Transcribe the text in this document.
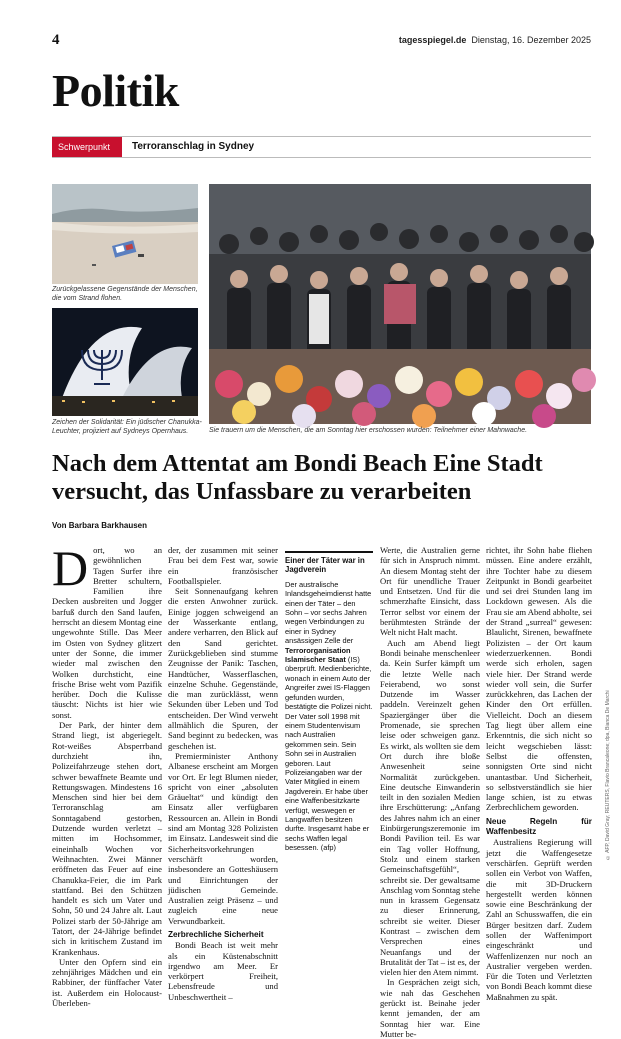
4	tagesspiegel.de Dienstag, 16. Dezember 2025
Politik
Schwerpunkt	Terroranschlag in Sydney
Zurückgelassene Gegenstände der Menschen, die vom Strand flohen.
Zeichen der Solidarität: Ein jüdischer Chanukka-Leuchter, projiziert auf Sydneys Opernhaus.	Sie trauern um die Menschen, die am Sonntag hier erschossen wurden: Teilnehmer einer Mahnwache.
© AFP, David Gray; REUTERS, Flavio Brancaleone; dpa, Bianca De Marchi
Nach dem Attentat am Bondi Beach Eine Stadt versucht, das Unfassbare zu verarbeiten
Von Barbara Barkhausen

Dort, wo an gewöhnlichen Tagen Surfer ihre Bretter schultern, Familien ihre Decken ausbreiten und Jogger barfuß durch den Sand laufen, herrscht an diesem Montag eine ungewohnte Stille. Das Meer im Osten von Sydney glitzert unter der Sonne, die immer wieder mal zwischen den Wolken durchsticht, eine frische Brise weht vom Pazifik herüber. Doch die Kulisse täuscht: Nichts ist hier wie sonst.

Der Park, der hinter dem Strand liegt, ist abgeriegelt. Rot-weißes Absperrband durchzieht ihn, Polizeifahrzeuge stehen dort, schwer bewaffnete Beamte und Rettungswagen. Mindestens 16 Menschen sind hier bei dem Terroranschlag am Sonntagabend gestorben, Dutzende wurden verletzt – mitten im Hochsommer, eineinhalb Wochen vor Weihnachten. Zwei Männer eröffneten das Feuer auf eine Chanukka-Feier, die im Park stattfand. Bei den Schützen handelt es sich um Vater und Sohn, 50 und 24 Jahre alt. Laut Polizei starb der 50-Jährige am Tatort, der 24-Jährige befindet sich in kritischem Zustand im Krankenhaus.

Unter den Opfern sind ein zehnjähriges Mädchen und ein Rabbiner, der fünffacher Vater ist. Außerdem ein Holocaust-Überleben-

der, der zusammen mit seiner Frau bei dem Fest war, sowie ein französischer Footballspieler.

Seit Sonnenaufgang kehren die ersten Anwohner zurück. Einige joggen schweigend an der Wasserkante entlang, andere verharren, den Blick auf den Sand gerichtet. Zurückgeblieben sind stumme Zeugnisse der Panik: Taschen, Handtücher, Wasserflaschen, einzelne Schuhe. Gegenstände, die man zurücklässt, wenn Sekunden über Leben und Tod entscheiden. Der Wind verweht allmählich die Spuren, der Sand beginnt zu bedecken, was geschehen ist.

Premierminister Anthony Albanese erscheint am Morgen vor Ort. Er legt Blumen nieder, spricht von einer „absoluten Gräueltat“ und kündigt den Einsatz aller verfügbaren Ressourcen an. Allein in Bondi sind am Montag 328 Polizisten im Einsatz. Landesweit sind die Sicherheitsvorkehrungen verschärft worden, insbesondere an Gotteshäusern und Einrichtungen der jüdischen Gemeinde. Australien zeigt Präsenz – und zugleich eine neue Verwundbarkeit.

Zerbrechliche Sicherheit

Bondi Beach ist weit mehr als ein Küstenabschnitt irgendwo am Meer. Er verkörpert Freiheit, Lebensfreude und Unbeschwertheit –

Einer der Täter war in Jagdverein
Der australische Inlandsgeheimdienst hatte einen der Täter – den Sohn – vor sechs Jahren wegen Verbindungen zu einer in Sydney ansässigen Zelle der Terrororganisation Islamischer Staat (IS) überprüft. Medienberichte, wonach in einem Auto der Angreifer zwei IS-Flaggen gefunden wurden, bestätigte die Polizei nicht. Der Vater soll 1998 mit einem Studentenvisum nach Australien gekommen sein. Sein Sohn sei in Australien geboren. Laut Polizeiangaben war der Vater Mitglied in einem Jagdverein. Er habe über eine Waffenbesitzkarte verfügt, weswegen er Langwaffen besitzen durfte. Insgesamt habe er sechs Waffen legal besessen. (afp)

Werte, die Australien gerne für sich in Anspruch nimmt. An diesem Montag steht der Ort für unendliche Trauer und Entsetzen. Und für die schmerzhafte Einsicht, dass Terror selbst vor einem der berühmtesten Strände der Welt nicht Halt macht.

Auch am Abend liegt Bondi beinahe menschenleer da. Kein Surfer kämpft um die letzte Welle nach Feierabend, wo sonst Dutzende im Wasser paddeln. Vereinzelt gehen Spaziergänger über die Promenade, sie sprechen leise oder schweigen ganz. Es wirkt, als wollten sie dem Ort durch ihre bloße Anwesenheit seine Normalität zurückgeben. Eine deutsche Einwanderin teilt in den sozialen Medien ihre Erschütterung: „Anfang des Jahres nahm ich an einer Einbürgerungszeremonie im Bondi Pavilion teil. Es war ein Tag voller Hoffnung, Stolz und einem starken Gemeinschaftsgefühl“, schreibt sie. Der gewaltsame Anschlag vom Sonntag stehe nun in krassem Gegensatz zu dieser Erinnerung, schreibt sie weiter. Dieser Kontrast – zwischen dem Versprechen eines Neuanfangs und der Brutalität der Tat – ist es, der vielen hier den Atem nimmt.

In Gesprächen zeigt sich, wie nah das Geschehen gerückt ist. Beinahe jeder kennt jemanden, der am Sonntag hier war. Eine Mutter be-

richtet, ihr Sohn habe fliehen müssen. Eine andere erzählt, ihre Tochter habe zu diesem Zeitpunkt in Bondi gearbeitet und sei drei Stunden lang im Lockdown gewesen. Als die Frau sie am Abend abholte, sei der Strand „surreal“ gewesen: Blaulicht, Sirenen, bewaffnete Polizisten – der Ort kaum wiederzuerkennen. Bondi werde sich erholen, sagen viele hier. Der Strand werde wieder voll sein, die Surfer zurückkehren, das Lachen der Kinder den Ort erfüllen. Vielleicht. Doch an diesem Tag liegt über allem eine Erkenntnis, die sich nicht so leicht wegschieben lässt: Selbst die offensten, sonnigsten Orte sind nicht unantastbar. Und Sicherheit, so selbstverständlich sie hier lange schien, ist zu etwas Zerbrechlichem geworden.

Neue Regeln für Waffenbesitz

Australiens Regierung will jetzt die Waffengesetze verschärfen. Geprüft werden sollen ein Verbot von Waffen, die mit 3D-Druckern hergestellt werden können sowie eine Beschränkung der Zahl an Schusswaffen, die ein Bürger besitzen darf. Zudem sollen der Waffenimport eingeschränkt und Waffenlizenzen nur noch an Australier vergeben werden. Für die Toten und Verletzten von Bondi Beach kommt diese Maßnahmen zu spät.
